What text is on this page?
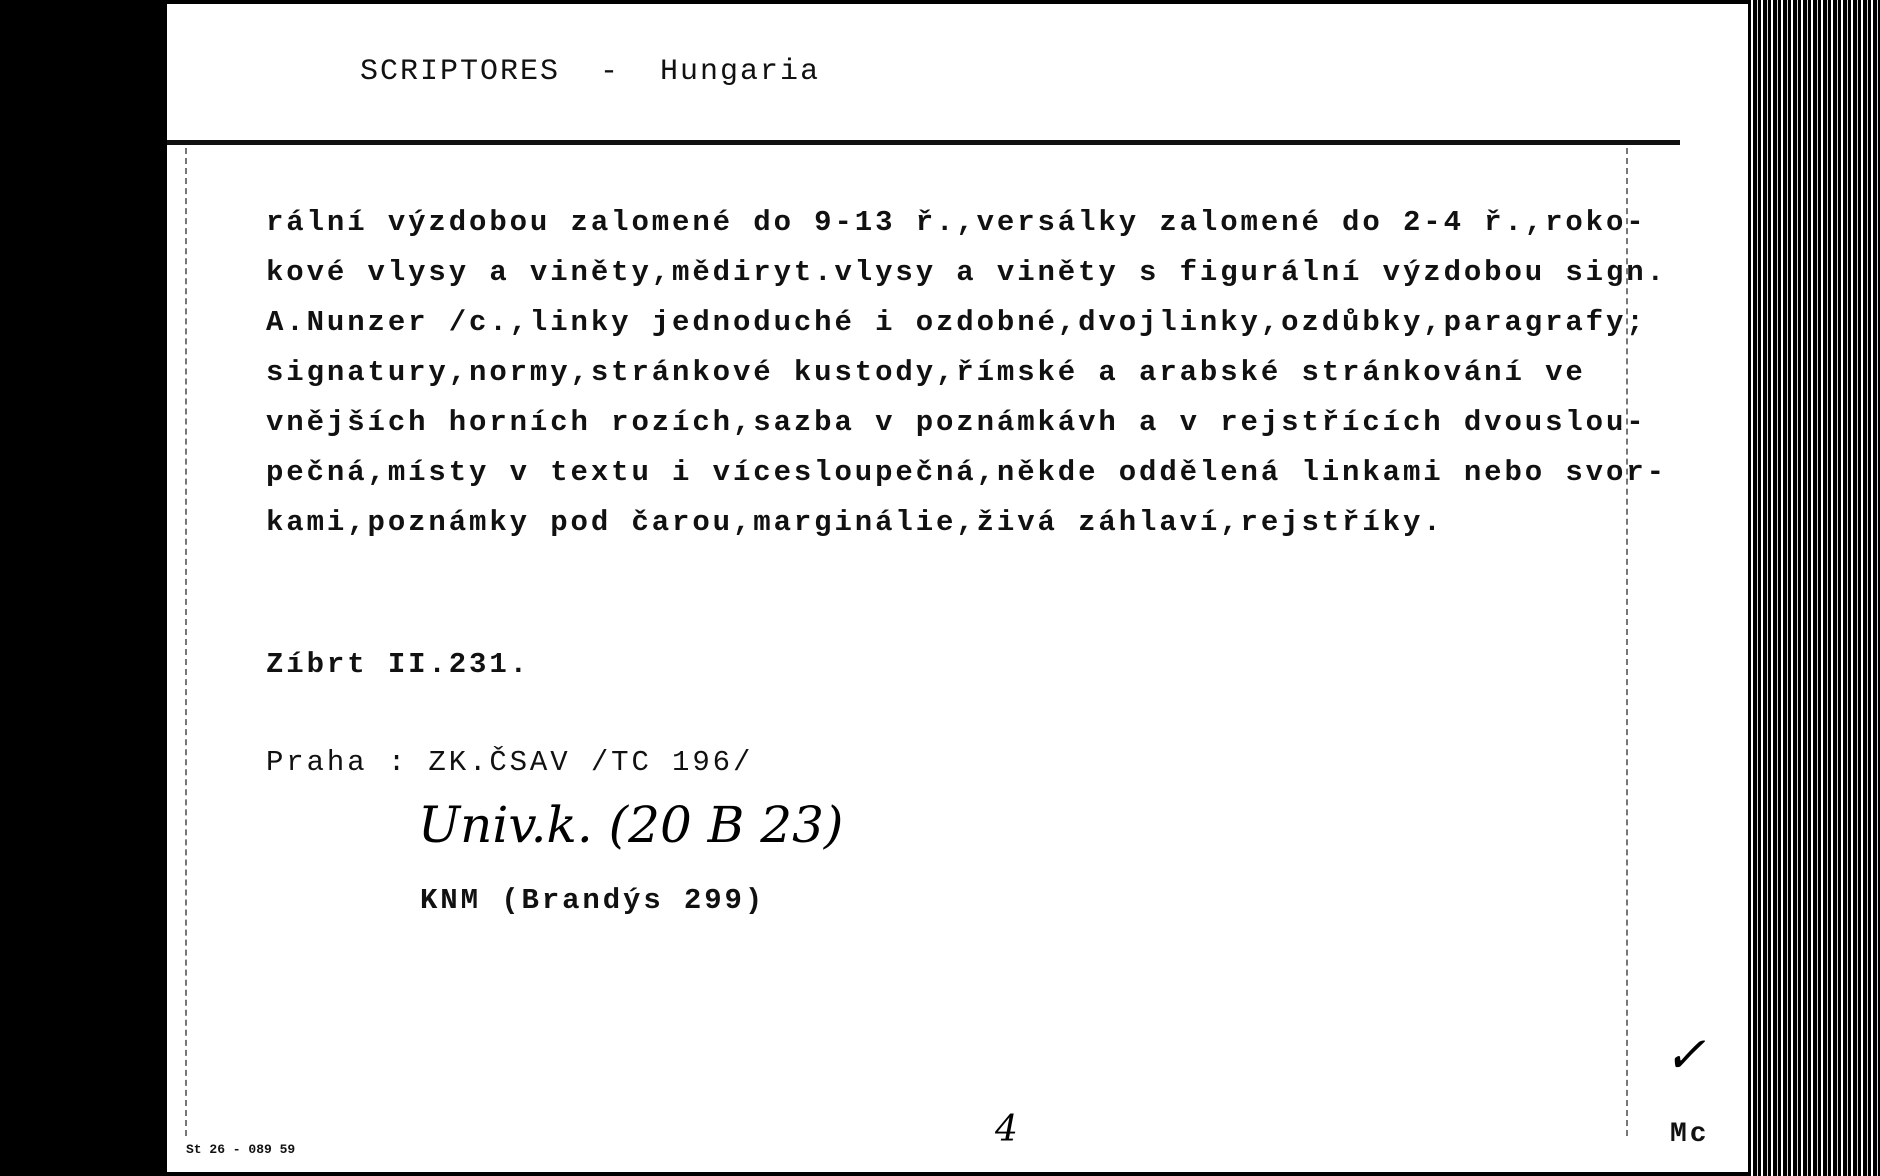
SCRIPTORES  -  Hungaria
rální výzdobou zalomené do 9-13 ř.,versálky zalomené do 2-4 ř.,roko-
kové vlysy a viněty,mědiryt.vlysy a viněty s figurální výzdobou sign.
A.Nunzer /c.,linky jednoduché i ozdobné,dvojlinky,ozdůbky,paragrafy;
signatury,normy,stránkové kustody,římské a arabské stránkování ve
vnějších horních rozích,sazba v poznámkávh a v rejstřících dvouslou-
pečná,místy v textu i vícesloupečná,někde oddělená linkami nebo svor-
kami,poznámky pod čarou,marginálie,živá záhlaví,rejstříky.
Zíbrt II.231.
Praha : ZK.ČSAV /TC 196/
Univ.k. (20 B 23)
KNM (Brandýs 299)
St 26 - 089 59	4
✓
Mc
